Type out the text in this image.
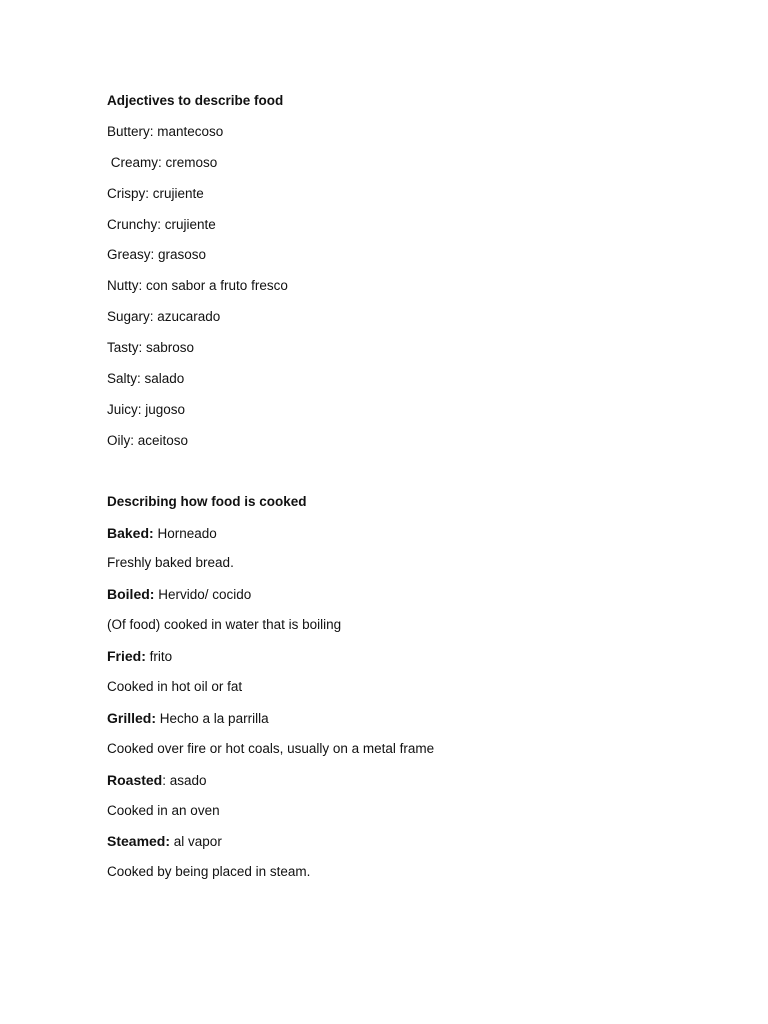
Adjectives to describe food
Buttery: mantecoso
Creamy: cremoso
Crispy: crujiente
Crunchy: crujiente
Greasy: grasoso
Nutty: con sabor a fruto fresco
Sugary: azucarado
Tasty: sabroso
Salty: salado
Juicy: jugoso
Oily: aceitoso
Describing how food is cooked
Baked: Horneado
Freshly baked bread.
Boiled: Hervido/ cocido
(Of food) cooked in water that is boiling
Fried: frito
Cooked in hot oil or fat
Grilled: Hecho a la parrilla
Cooked over fire or hot coals, usually on a metal frame
Roasted: asado
Cooked in an oven
Steamed: al vapor
Cooked by being placed in steam.
